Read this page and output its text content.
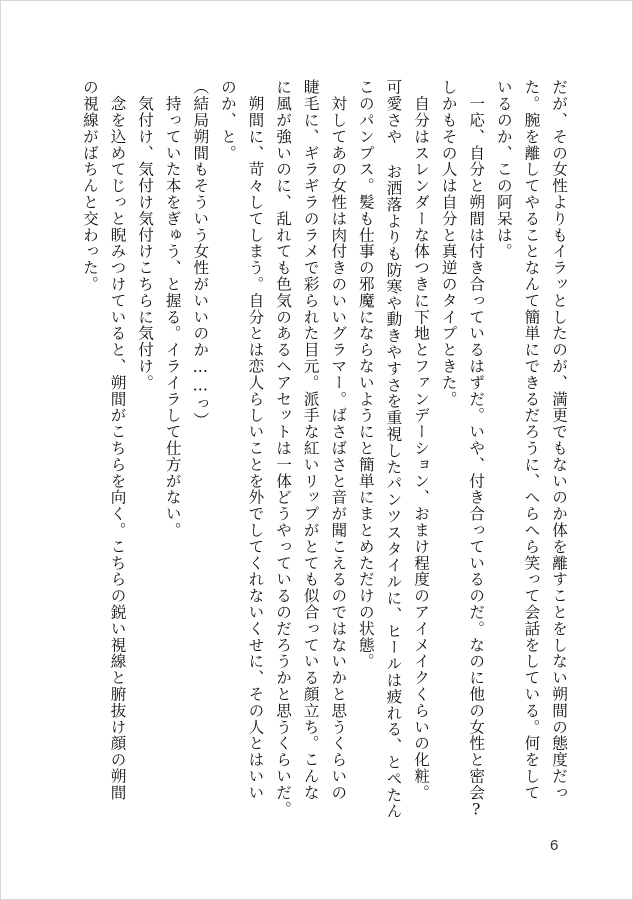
だが、その女性よりもイラッとしたのが、満更でもないのか体を離すことをしない朔間の態度だっ
た。腕を離してやることなんて簡単にできるだろうに、へらへら笑って会話をしている。何をして
いるのか、この阿呆は。
　一応、自分と朔間は付き合っているはずだ。いや、付き合っているのだ。なのに他の女性と密会?
しかもその人は自分と真逆のタイプときた。
　自分はスレンダーな体つきに下地とファンデーション、おまけ程度のアイメイクくらいの化粧。
可愛さや お洒落よりも防寒や動きやすさを重視したパンツスタイルに、ヒールは疲れる、とぺたん
このパンプス。髪も仕事の邪魔にならないようにと簡単にまとめただけの状態。
　対してあの女性は肉付きのいいグラマー。ばさばさと音が聞こえるのではないかと思うくらいの
睫毛に、ギラギラのラメで彩られた目元。派手な紅いリップがとても似合っている顔立ち。こんな
に風が強いのに、乱れても色気のあるヘアセットは一体どうやっているのだろうかと思うくらいだ。
　朔間に、苛々してしまう。自分とは恋人らしいことを外でしてくれないくせに、その人とはいい
のか、と。
（結局朔間もそういう女性がいいのか……っ）
　持っていた本をぎゅう、と握る。イライラして仕方がない。
　気付け、気付け気付けこちらに気付け。
　念を込めてじっと睨みつけていると、朔間がこちらを向く。こちらの鋭い視線と腑抜け顔の朔間
の視線がばちんと交わった。
6
